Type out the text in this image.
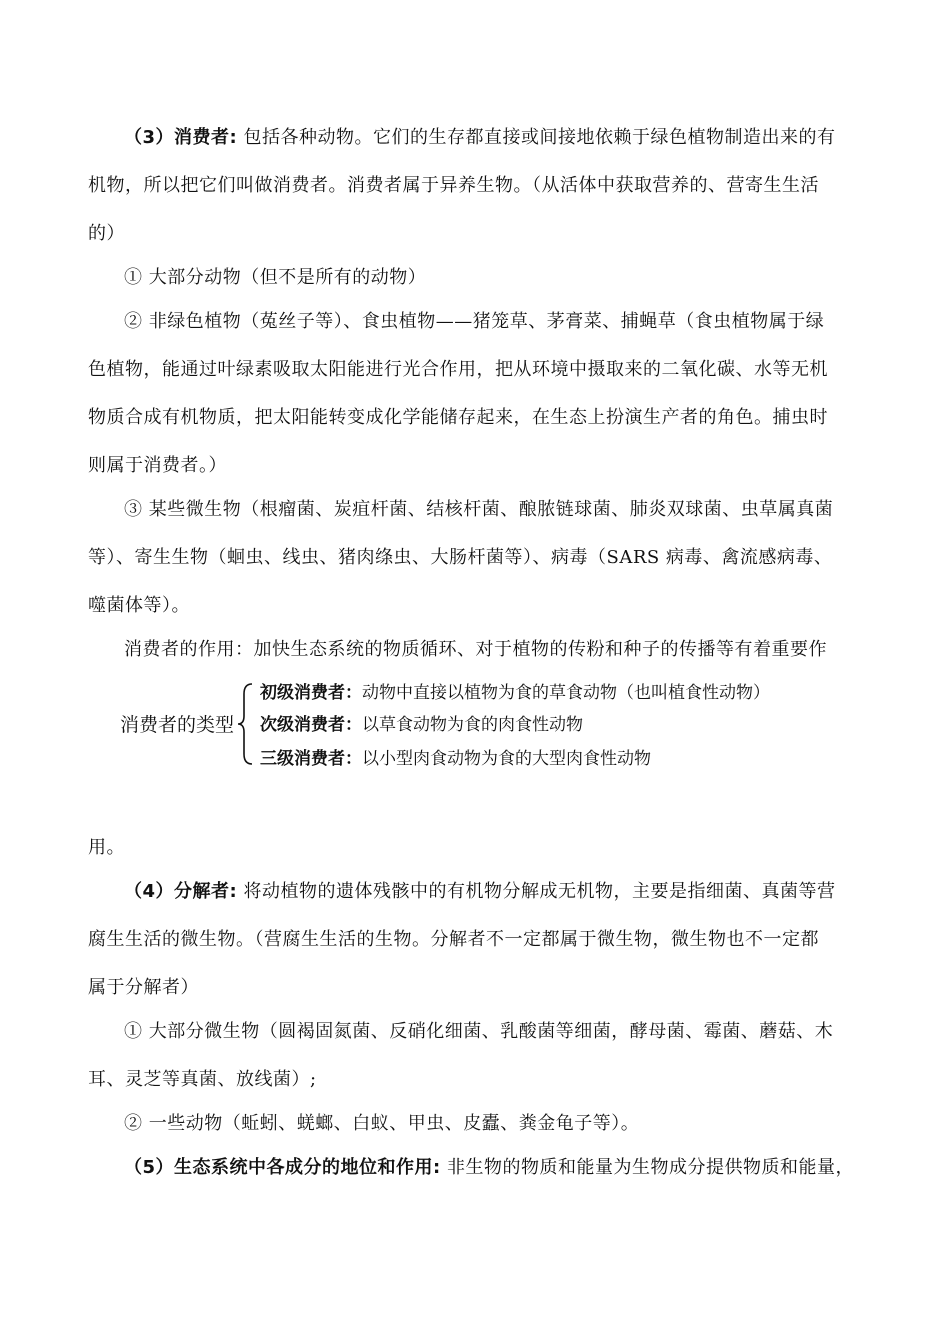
（3）消费者: 包括各种动物。它们的生存都直接或间接地依赖于绿色植物制造出来的有
机物，所以把它们叫做消费者。消费者属于异养生物。（从活体中获取营养的、营寄生生活
的）
① 大部分动物（但不是所有的动物）
② 非绿色植物（菟丝子等）、食虫植物——猪笼草、茅膏菜、捕蝇草（食虫植物属于绿
色植物，能通过叶绿素吸取太阳能进行光合作用，把从环境中摄取来的二氧化碳、水等无机
物质合成有机物质，把太阳能转变成化学能储存起来，在生态上扮演生产者的角色。捕虫时
则属于消费者。）
③ 某些微生物（根瘤菌、炭疽杆菌、结核杆菌、酿脓链球菌、肺炎双球菌、虫草属真菌
等）、寄生生物（蛔虫、线虫、猪肉绦虫、大肠杆菌等）、病毒（SARS 病毒、禽流感病毒、
噬菌体等）。
消费者的作用：加快生态系统的物质循环、对于植物的传粉和种子的传播等有着重要作
消费者的类型
初级消费者：动物中直接以植物为食的草食动物（也叫植食性动物）
次级消费者：以草食动物为食的肉食性动物
三级消费者：以小型肉食动物为食的大型肉食性动物
用。
（4）分解者: 将动植物的遗体残骸中的有机物分解成无机物，主要是指细菌、真菌等营
腐生生活的微生物。（营腐生生活的生物。分解者不一定都属于微生物，微生物也不一定都
属于分解者）
① 大部分微生物（圆褐固氮菌、反硝化细菌、乳酸菌等细菌，酵母菌、霉菌、蘑菇、木
耳、灵芝等真菌、放线菌）;
② 一些动物（蚯蚓、蜣螂、白蚁、甲虫、皮蠹、粪金龟子等）。
（5）生态系统中各成分的地位和作用: 非生物的物质和能量为生物成分提供物质和能量，
